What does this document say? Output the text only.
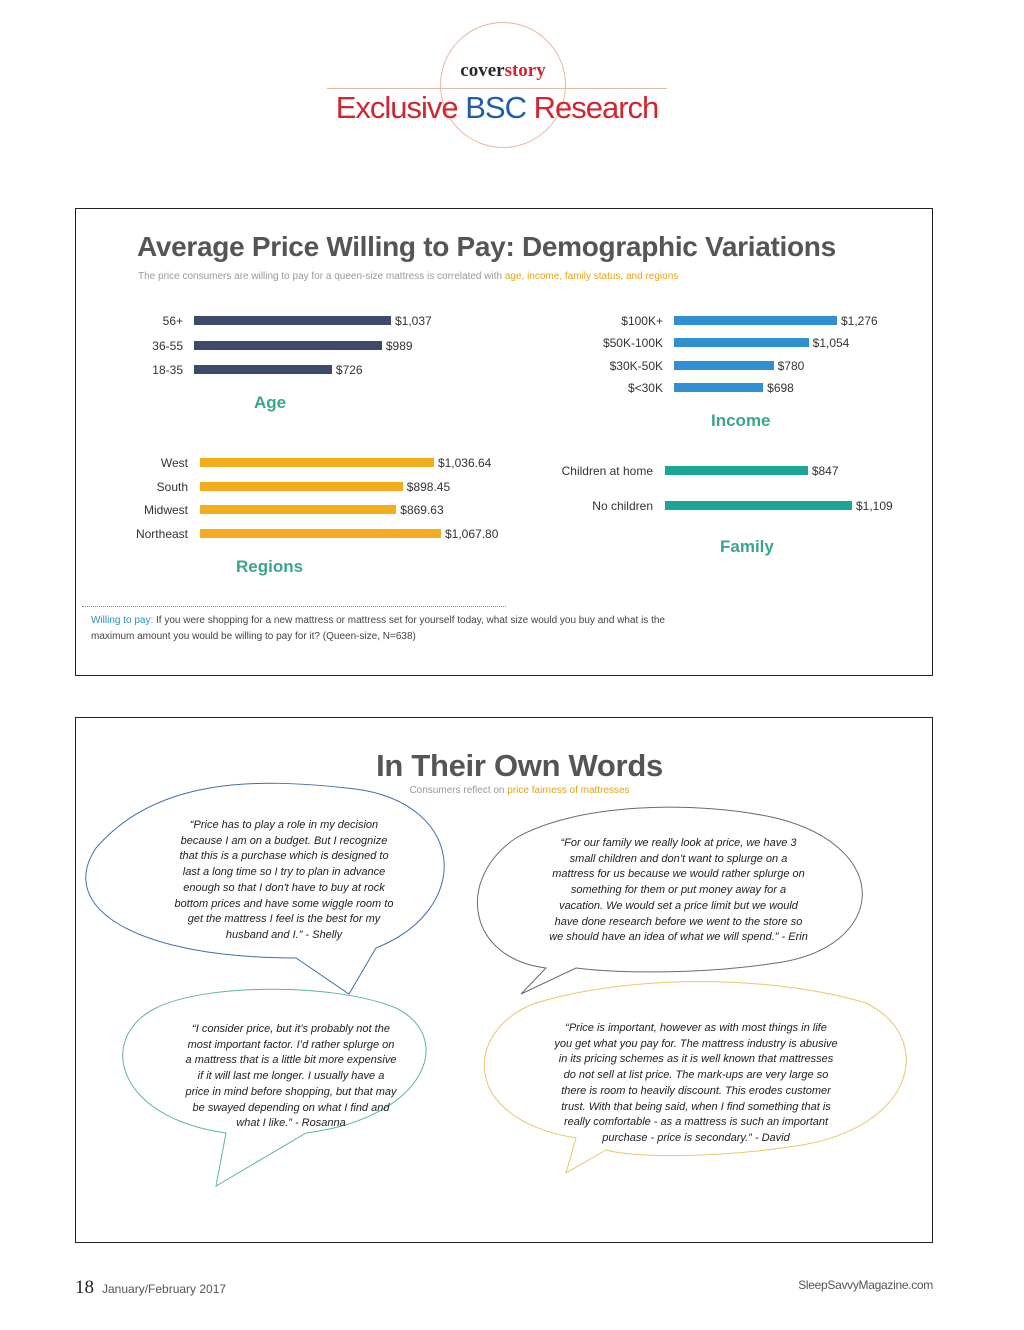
coverstory
Exclusive BSC Research
Average Price Willing to Pay: Demographic Variations
The price consumers are willing to pay for a queen-size mattress is correlated with age, income, family status, and regions
56+	$1,037
36-55	$989
18-35	$726
Age
$100K+	$1,276
$50K-100K	$1,054
$30K-50K	$780
$<30K	$698
Income
West	$1,036.64
South	$898.45
Midwest	$869.63
Northeast	$1,067.80
Regions
Children at home	$847
No children	$1,109
Family
Willing to pay: If you were shopping for a new mattress or mattress set for yourself today, what size would you buy and what is the
maximum amount you would be willing to pay for it? (Queen-size, N=638)
In Their Own Words
Consumers reflect on price fairness of mattresses
“Price has to play a role in my decision
because I am on a budget. But I recognize
that this is a purchase which is designed to
last a long time so I try to plan in advance
enough so that I don't have to buy at rock
bottom prices and have some wiggle room to
get the mattress I feel is the best for my
husband and I.” - Shelly
“For our family we really look at price, we have 3
small children and don’t want to splurge on a
mattress for us because we would rather splurge on
something for them or put money away for a
vacation. We would set a price limit but we would
have done research before we went to the store so
we should have an idea of what we will spend.” - Erin
“I consider price, but it’s probably not the
most important factor. I’d rather splurge on
a mattress that is a little bit more expensive
if it will last me longer. I usually have a
price in mind before shopping, but that may
be swayed depending on what I find and
what I like.” - Rosanna
“Price is important, however as with most things in life
you get what you pay for. The mattress industry is abusive
in its pricing schemes as it is well known that mattresses
do not sell at list price. The mark-ups are very large so
there is room to heavily discount. This erodes customer
trust. With that being said, when I find something that is
really comfortable - as a mattress is such an important
purchase - price is secondary.” - David
18 January/February 2017	SleepSavvyMagazine.com
